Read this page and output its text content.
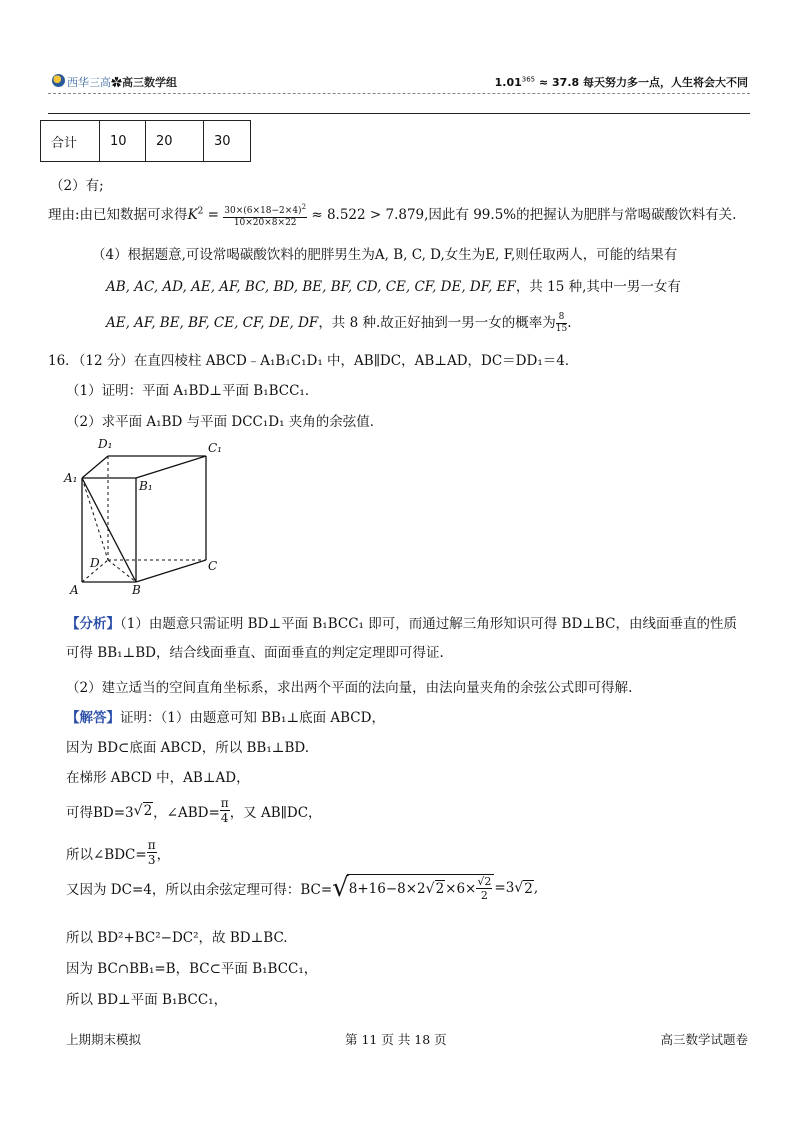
西华三高✿高三数学组	$1.01^{365} \approx 37.8$ 每天努力多一点，人生将会大不同
合计	10	20	30
（2）有;
理由:由已知数据可求得$K^2 = \frac{30\times(6\times 18-2\times 4)^2}{10\times 20\times 8\times 22} \approx 8.522 > 7.879$,因此有 99.5%的把握认为肥胖与常喝碳酸饮料有关.
（4）根据题意,可设常喝碳酸饮料的肥胖男生为A, B, C, D,女生为E, F,则任取两人，可能的结果有
AB, AC, AD, AE, AF, BC, BD, BE, BF, CD, CE, CF, DE, DF, EF，共 15 种,其中一男一女有
AE, AF, BE, BF, CE, CF, DE, DF，共 8 种.故正好抽到一男一女的概率为 $\frac{8}{15}$ .
16．（12 分）在直四棱柱 ABCD﹣A₁B₁C₁D₁ 中，AB∥DC，AB⊥AD，DC＝DD₁＝4．
（1）证明：平面 A₁BD⊥平面 B₁BCC₁．
（2）求平面 A₁BD 与平面 DCC₁D₁ 夹角的余弦值．
D₁	C₁
A₁
B₁
D	C
A	B
【分析】（1）由题意只需证明 BD⊥平面 B₁BCC₁ 即可，而通过解三角形知识可得 BD⊥BC，由线面垂直的性质
可得 BB₁⊥BD，结合线面垂直、面面垂直的判定定理即可得证.
（2）建立适当的空间直角坐标系，求出两个平面的法向量，由法向量夹角的余弦公式即可得解.
【解答】证明：（1）由题意可知 BB₁⊥底面 ABCD，
因为 BD⊂底面 ABCD，所以 BB₁⊥BD.
在梯形 ABCD 中，AB⊥AD，
可得BD=3 √ 2 ，∠ABD= $\frac{\pi}{4}$ ，又 AB∥DC，
所以∠BDC= $\frac{\pi}{3}$ ，
又因为 DC=4，所以由余弦定理可得：BC= √ 8+16−8×2 √ $2 \times 6\times \frac{√2}{2} =3$ √ 2 ,
所以 BD²+BC²−DC²，故 BD⊥BC.
因为 BC∩BB₁=B，BC⊂平面 B₁BCC₁，
所以 BD⊥平面 B₁BCC₁，
上期期末模拟	第 11 页 共 18 页	高三数学试题卷
